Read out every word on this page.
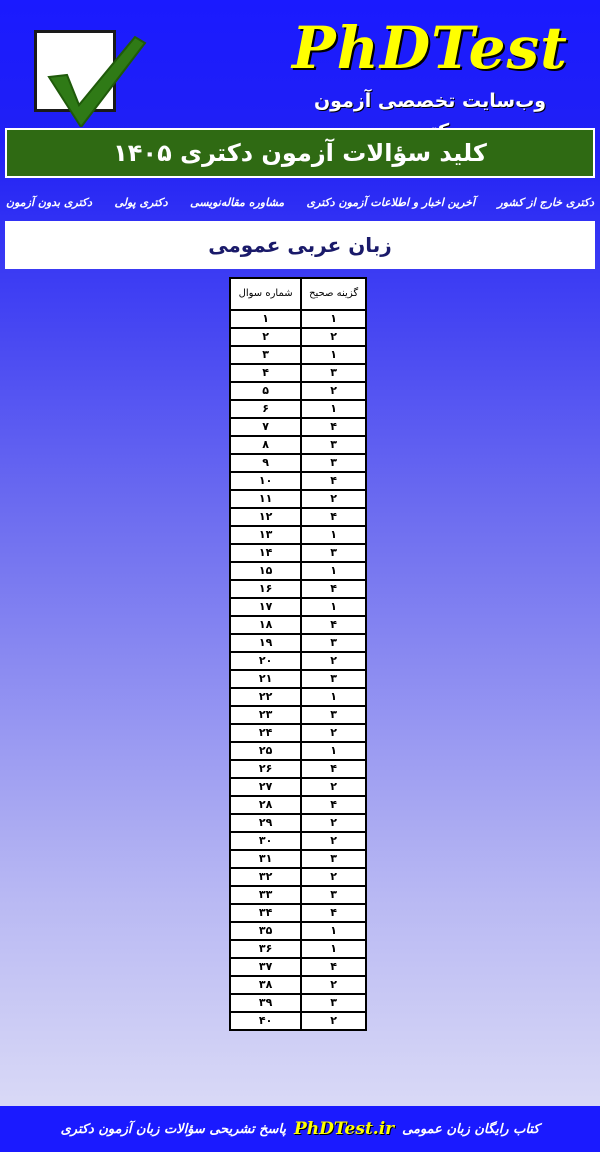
PhDTest
وب‌سایت تخصصی آزمون
کلید سؤالات آزمون دکتری ۱۴۰۵
دکتری بدون آزمون دکتری پولی مشاوره مقاله‌نویسی آخرین اخبار و اطلاعات آزمون دکتری دکتری خارج از کشور
زبان عربی عمومی
شماره سوال	گزینه صحیح
۱	۱
۲	۲
۳	۱
۴	۳
۵	۲
۶	۱
۷	۴
۸	۳
۹	۳
۱۰	۴
۱۱	۲
۱۲	۴
۱۳	۱
۱۴	۳
۱۵	۱
۱۶	۴
۱۷	۱
۱۸	۴
۱۹	۳
۲۰	۲
۲۱	۳
۲۲	۱
۲۳	۳
۲۴	۲
۲۵	۱
۲۶	۴
۲۷	۲
۲۸	۴
۲۹	۲
۳۰	۲
۳۱	۳
۳۲	۲
۳۳	۳
۳۴	۴
۳۵	۱
۳۶	۱
۳۷	۴
۳۸	۲
۳۹	۳
۴۰	۲
پاسخ تشریحی سؤالات زبان آزمون دکتری PhDTest.ir کتاب رایگان زبان عمومی
